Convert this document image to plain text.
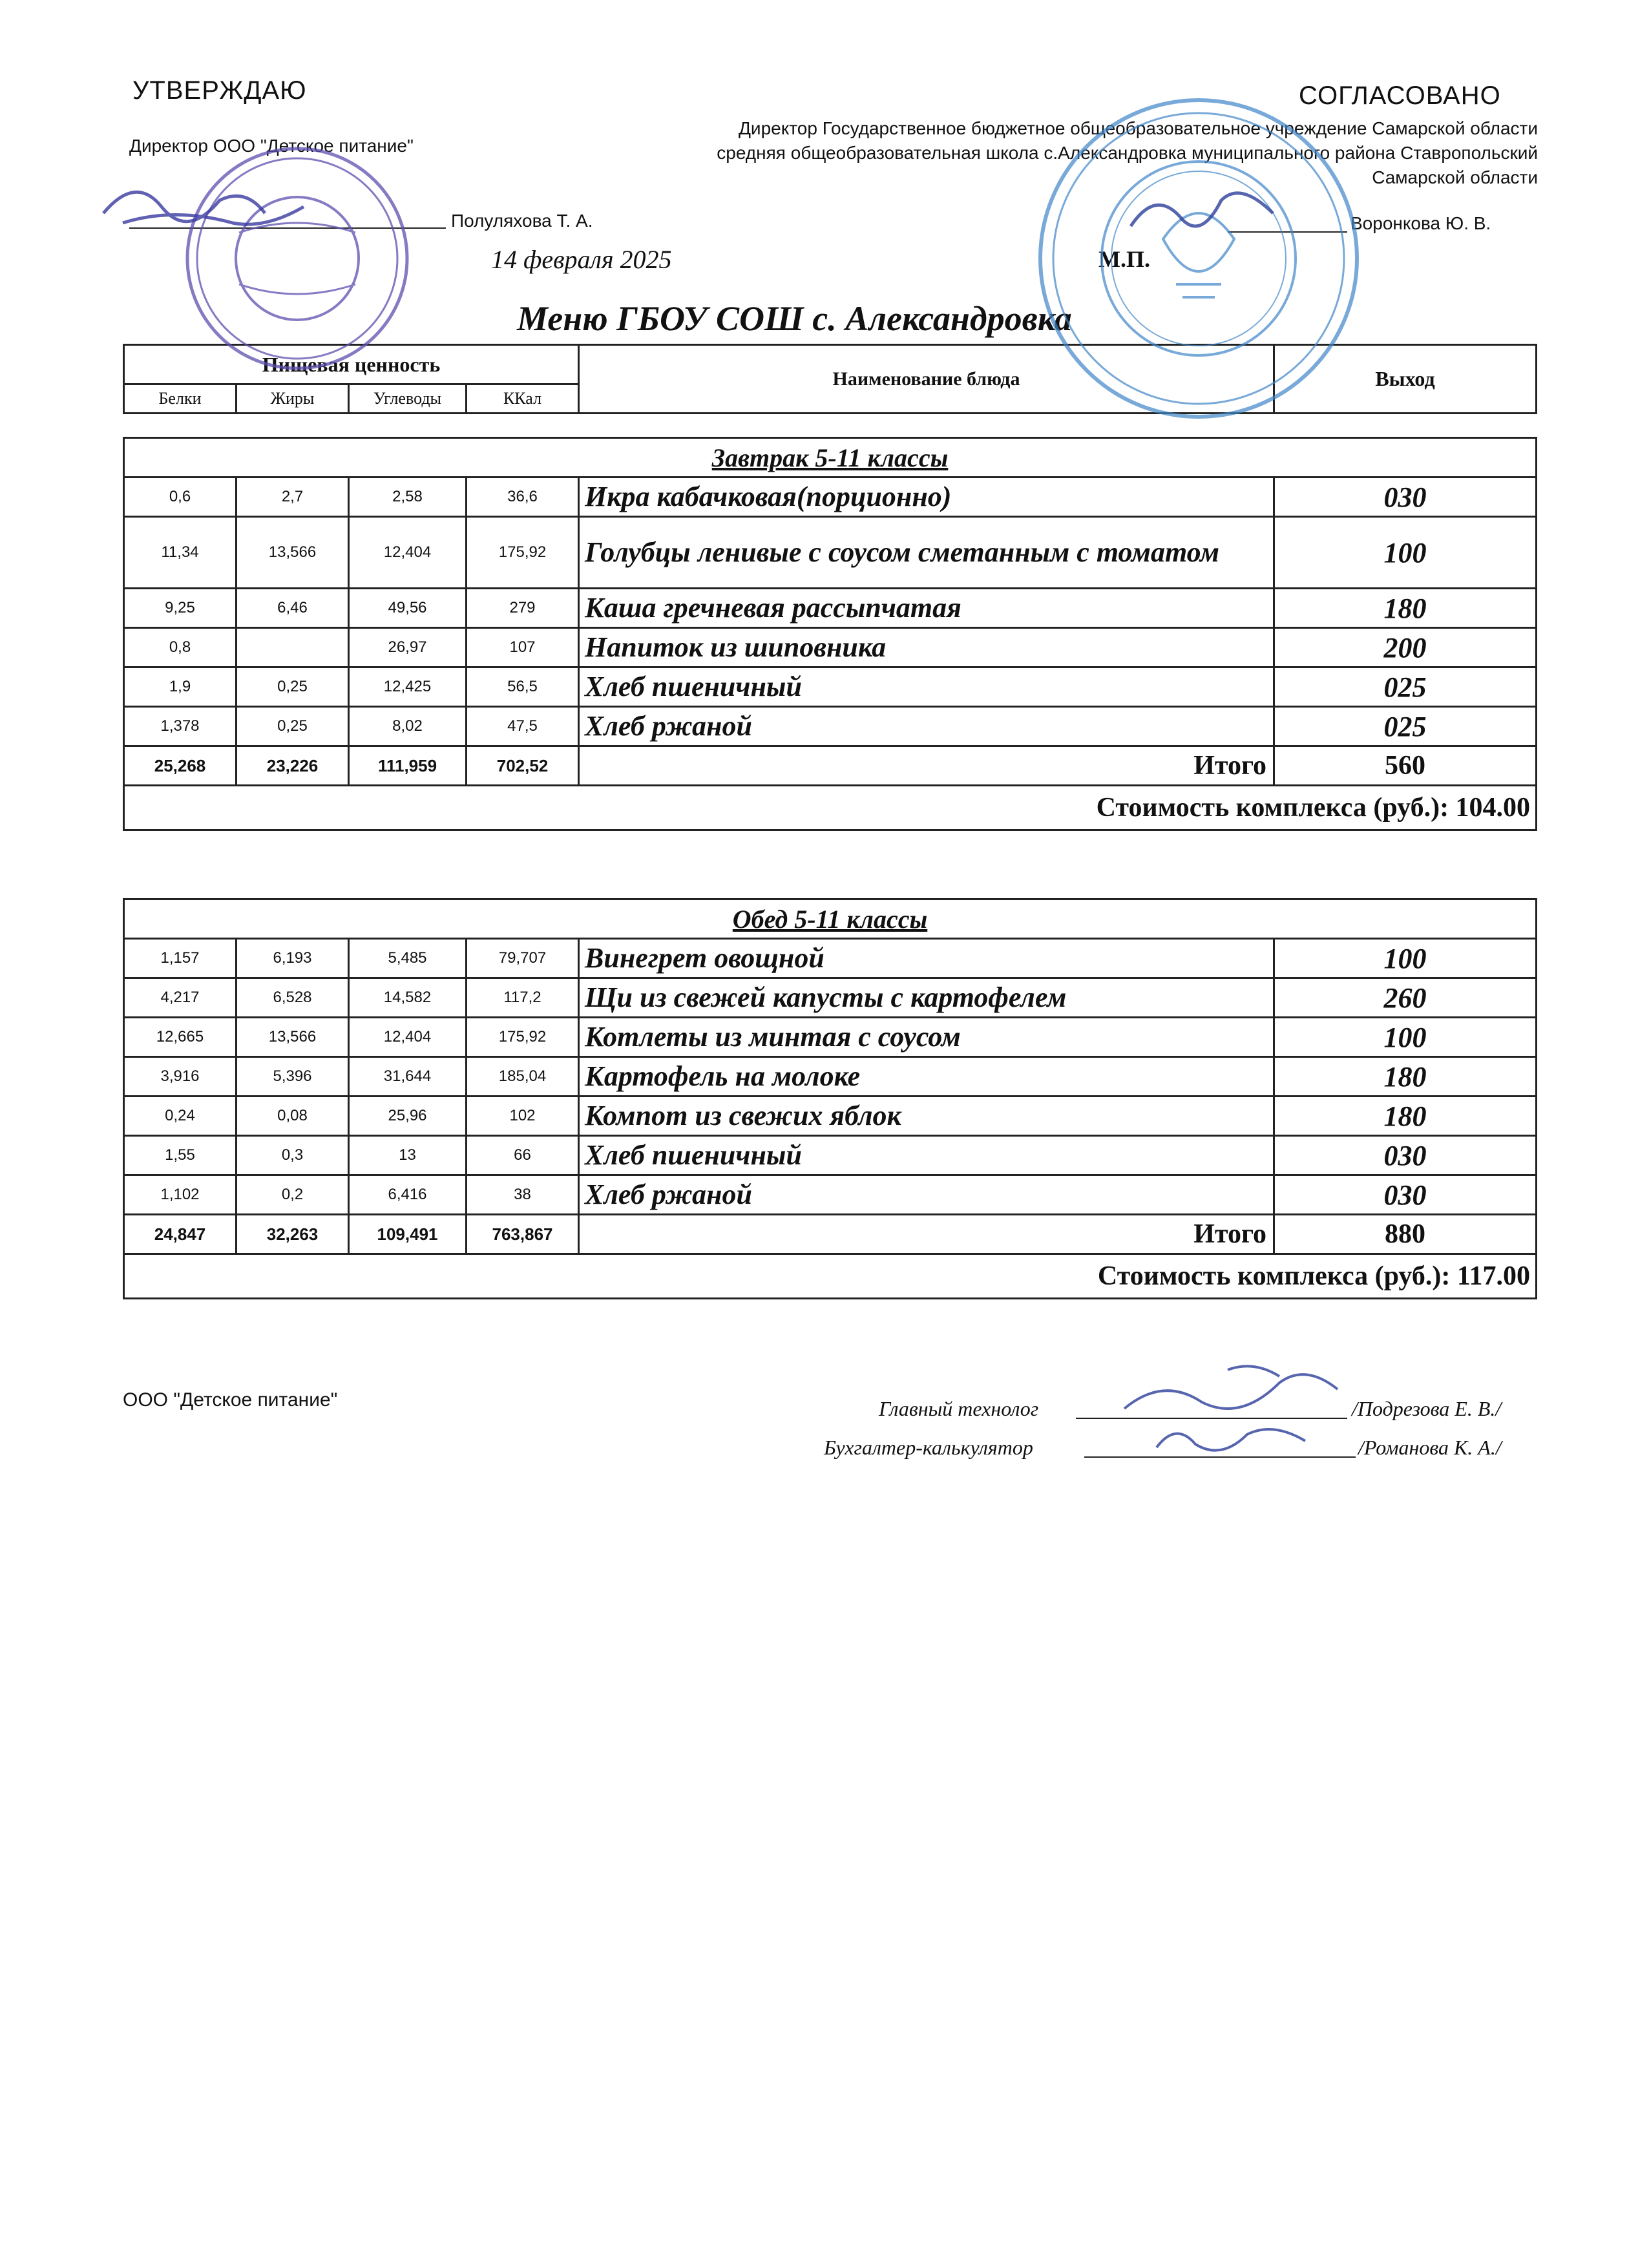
УТВЕРЖДАЮ
Директор ООО "Детское питание"
Полуляхова Т. А.
14 февраля 2025
СОГЛАСОВАНО
Директор Государственное бюджетное общеобразовательное учреждение Самарской области средняя общеобразовательная школа с.Александровка муниципального района Ставропольский Самарской области
Воронкова Ю. В.
М.П.
Меню ГБОУ СОШ с. Александровка
Пищевая ценность				Наименование блюда	Выход
Белки	Жиры	Углеводы	ККал		
Завтрак 5-11 классы					
0,6	2,7	2,58	36,6	Икра кабачковая(порционно)	030
11,34	13,566	12,404	175,92	Голубцы ленивые с соусом сметанным с томатом	100
9,25	6,46	49,56	279	Каша гречневая рассыпчатая	180
0,8		26,97	107	Напиток из шиповника	200
1,9	0,25	12,425	56,5	Хлеб пшеничный	025
1,378	0,25	8,02	47,5	Хлеб ржаной	025
25,268	23,226	111,959	702,52	Итого	560
Стоимость комплекса (руб.): 104.00					
Обед 5-11 классы					
1,157	6,193	5,485	79,707	Винегрет овощной	100
4,217	6,528	14,582	117,2	Щи из свежей капусты с картофелем	260
12,665	13,566	12,404	175,92	Котлеты из минтая с соусом	100
3,916	5,396	31,644	185,04	Картофель на молоке	180
0,24	0,08	25,96	102	Компот из свежих яблок	180
1,55	0,3	13	66	Хлеб пшеничный	030
1,102	0,2	6,416	38	Хлеб ржаной	030
24,847	32,263	109,491	763,867	Итого	880
Стоимость комплекса (руб.): 117.00					
ООО "Детское питание"	Главный технолог	/Подрезова Е. В./
Бухгалтер-калькулятор	/Романова К. А./
